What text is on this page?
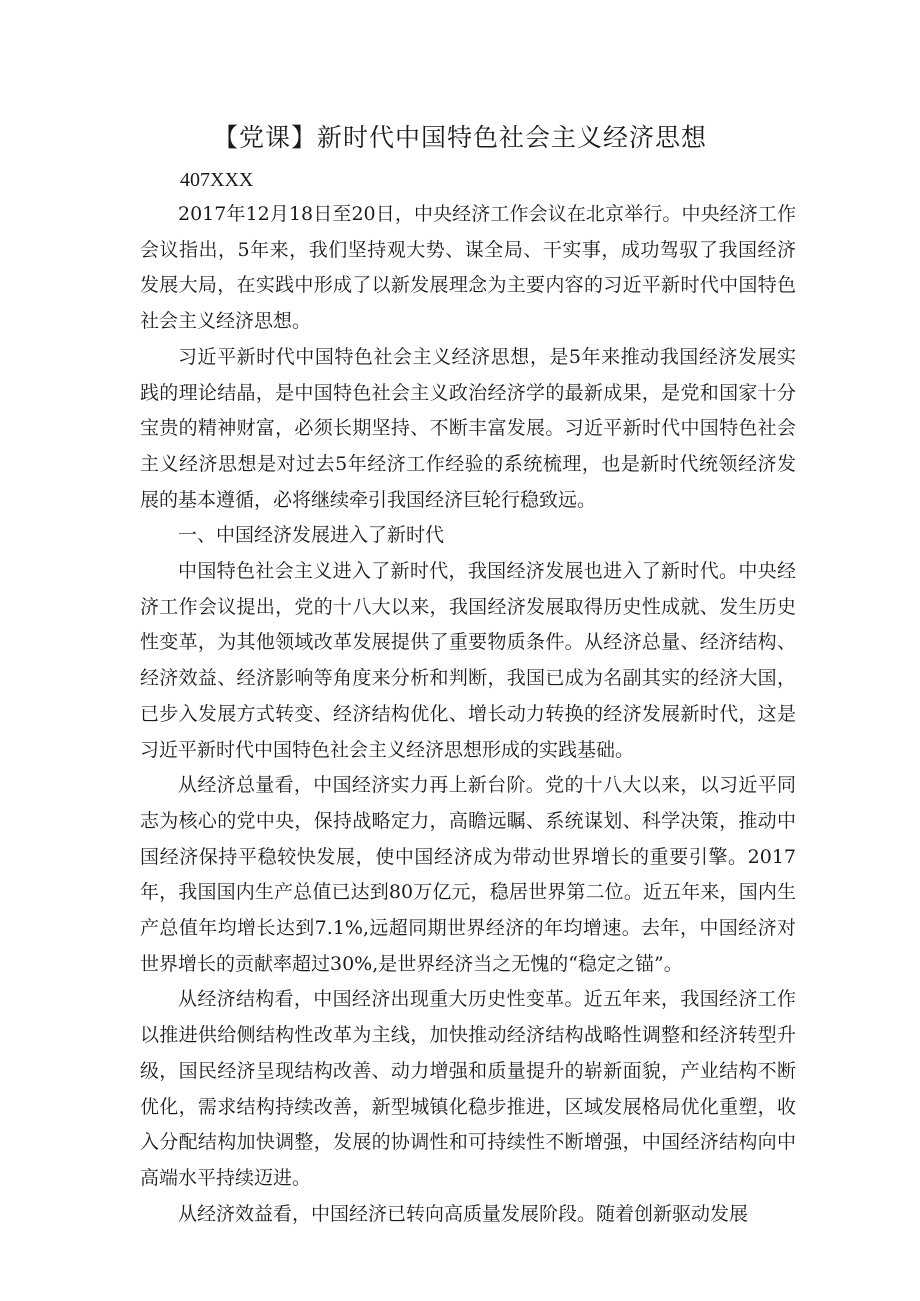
【党课】新时代中国特色社会主义经济思想
407XXX

2017年12月18日至20日，中央经济工作会议在北京举行。中央经济工作会议指出，5年来，我们坚持观大势、谋全局、干实事，成功驾驭了我国经济发展大局，在实践中形成了以新发展理念为主要内容的习近平新时代中国特色社会主义经济思想。

习近平新时代中国特色社会主义经济思想，是5年来推动我国经济发展实践的理论结晶，是中国特色社会主义政治经济学的最新成果，是党和国家十分宝贵的精神财富，必须长期坚持、不断丰富发展。习近平新时代中国特色社会主义经济思想是对过去5年经济工作经验的系统梳理，也是新时代统领经济发展的基本遵循，必将继续牵引我国经济巨轮行稳致远。

一、中国经济发展进入了新时代

中国特色社会主义进入了新时代，我国经济发展也进入了新时代。中央经济工作会议提出，党的十八大以来，我国经济发展取得历史性成就、发生历史性变革，为其他领域改革发展提供了重要物质条件。从经济总量、经济结构、经济效益、经济影响等角度来分析和判断，我国已成为名副其实的经济大国，已步入发展方式转变、经济结构优化、增长动力转换的经济发展新时代，这是习近平新时代中国特色社会主义经济思想形成的实践基础。

从经济总量看，中国经济实力再上新台阶。党的十八大以来，以习近平同志为核心的党中央，保持战略定力，高瞻远瞩、系统谋划、科学决策，推动中国经济保持平稳较快发展，使中国经济成为带动世界增长的重要引擎。2017年，我国国内生产总值已达到80万亿元，稳居世界第二位。近五年来，国内生产总值年均增长达到7.1%,远超同期世界经济的年均增速。去年，中国经济对世界增长的贡献率超过30%,是世界经济当之无愧的“稳定之锚”。

从经济结构看，中国经济出现重大历史性变革。近五年来，我国经济工作以推进供给侧结构性改革为主线，加快推动经济结构战略性调整和经济转型升级，国民经济呈现结构改善、动力增强和质量提升的崭新面貌，产业结构不断优化，需求结构持续改善，新型城镇化稳步推进，区域发展格局优化重塑，收入分配结构加快调整，发展的协调性和可持续性不断增强，中国经济结构向中高端水平持续迈进。

从经济效益看，中国经济已转向高质量发展阶段。随着创新驱动发展
